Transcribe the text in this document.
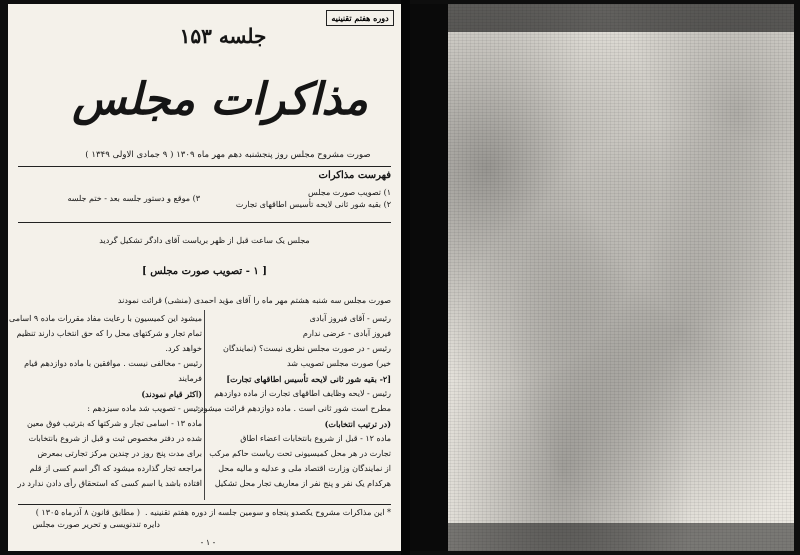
دوره هفتم تقنینیه
جلسه ۱۵۳
مذاکرات مجلس
صورت مشروح مجلس روز پنجشنبه دهم مهر ماه ۱۳۰۹ ( ۹ جمادی الاولی ۱۳۴۹ )
فهرست مذاکرات
۱) تصویب صورت مجلس
۲) بقیه شور ثانی لایحه تأسیس اطاقهای تجارت
۳) موقع و دستور جلسه بعد - ختم جلسه
مجلس یک ساعت قبل از ظهر بریاست آقای دادگر تشکیل گردید
[ ۱ - تصویب صورت مجلس ]
صورت مجلس سه شنبه هشتم مهر ماه را آقای مؤید احمدی (منشی) قرائت نمودند
* این مذاکرات مشروح یکصدو پنجاه و سومین جلسه از دوره هفتم تقنینیه .
( مطابق قانون ۸ آذرماه ۱۳۰۵ )
دایره تندنویسی و تحریر صورت مجلس
- ۱ -
رئیس - آقای فیروز آبادی
فیروز آبادی - عرضی ندارم
رئیس - در صورت مجلس نظری نیست؟ (نمایندگان
خیر) صورت مجلس تصویب شد
[۲- بقیه شور ثانی لایحه تأسیس اطاقهای تجارت]
رئیس - لایحه وظایف اطاقهای تجارت از ماده دوازدهم
مطرح است شور ثانی است . ماده دوازدهم قرائت میشود:
(در ترتیب انتخابات)
ماده ۱۲ - قبل از شروع بانتخابات اعضاء اطاق
تجارت در هر محل کمیسیونی تحت ریاست حاکم مرکب
از نمایندگان وزارت اقتصاد ملی و عدلیه و مالیه محل
هرکدام یک نفر و پنج نفر از معاریف تجار محل تشکیل
میشود این کمیسیون با رعایت مفاد مقررات ماده ۹ اسامی
تمام تجار و شرکتهای محل را که حق انتخاب دارند تنظیم
خواهد کرد.
رئیس - مخالفی نیست . موافقین با ماده دوازدهم قیام
فرمایند
(اکثر قیام نمودند)
رئیس - تصویب شد ماده سیزدهم :
ماده ۱۳ - اسامی تجار و شرکتها که بترتیب فوق معین
شده در دفتر مخصوص ثبت و قبل از شروع بانتخابات
برای مدت پنج روز در چندین مرکز تجارتی بمعرض
مراجعه تجار گذارده میشود که اگر اسم کسی از قلم
افتاده باشد یا اسم کسی که استحقاق رأی دادن ندارد در
